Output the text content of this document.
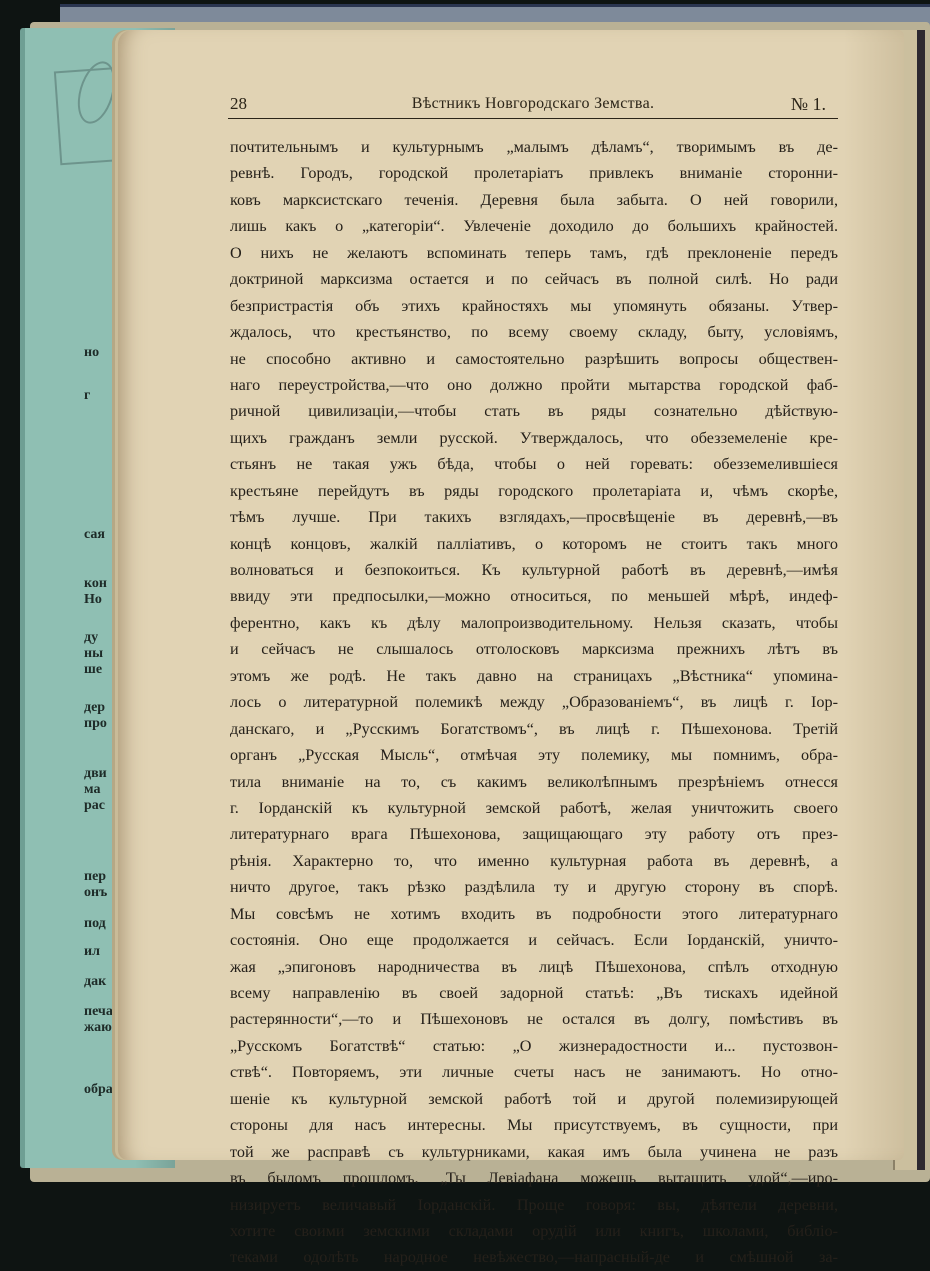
но
г
сая
кон
Но
ду
ны
ше
дер
про
дви
ма
рас
пер
онъ
под
ил
дак
печа
жаю
обра
28	Вѣстникъ Новгородскаго Земства.	№ 1.
почтительнымъ и культурнымъ „малымъ дѣламъ“, творимымъ въ де-
ревнѣ. Городъ, городской пролетаріатъ привлекъ вниманіе сторонни-
ковъ марксистскаго теченія. Деревня была забыта. О ней говорили,
лишь какъ о „категоріи“. Увлеченіе доходило до большихъ крайностей.
О нихъ не желаютъ вспоминать теперь тамъ, гдѣ преклоненіе передъ
доктриной марксизма остается и по сейчасъ въ полной силѣ. Но ради
безпристрастія объ этихъ крайностяхъ мы упомянуть обязаны. Утвер-
ждалось, что крестьянство, по всему своему складу, быту, условіямъ,
не способно активно и самостоятельно разрѣшить вопросы обществен-
наго переустройства,—что оно должно пройти мытарства городской фаб-
ричной цивилизаціи,—чтобы стать въ ряды сознательно дѣйствую-
щихъ гражданъ земли русской. Утверждалось, что обезземеленіе кре-
стьянъ не такая ужъ бѣда, чтобы о ней горевать: обезземелившіеся
крестьяне перейдутъ въ ряды городского пролетаріата и, чѣмъ скорѣе,
тѣмъ лучше. При такихъ взглядахъ,—просвѣщеніе въ деревнѣ,—въ
концѣ концовъ, жалкій палліативъ, о которомъ не стоитъ такъ много
волноваться и безпокоиться. Къ культурной работѣ въ деревнѣ,—имѣя
ввиду эти предпосылки,—можно относиться, по меньшей мѣрѣ, индеф-
ферентно, какъ къ дѣлу малопроизводительному. Нельзя сказать, чтобы
и сейчасъ не слышалось отголосковъ марксизма прежнихъ лѣтъ въ
этомъ же родѣ. Не такъ давно на страницахъ „Вѣстника“ упомина-
лось о литературной полемикѣ между „Образованіемъ“, въ лицѣ г. Іор-
данскаго, и „Русскимъ Богатствомъ“, въ лицѣ г. Пѣшехонова. Третій
органъ „Русская Мысль“, отмѣчая эту полемику, мы помнимъ, обра-
тила вниманіе на то, съ какимъ великолѣпнымъ презрѣніемъ отнесся
г. Іорданскій къ культурной земской работѣ, желая уничтожить своего
литературнаго врага Пѣшехонова, защищающаго эту работу отъ през-
рѣнія. Характерно то, что именно культурная работа въ деревнѣ, а
ничто другое, такъ рѣзко раздѣлила ту и другую сторону въ спорѣ.
Мы совсѣмъ не хотимъ входить въ подробности этого литературнаго
состоянія. Оно еще продолжается и сейчасъ. Если Іорданскій, уничто-
жая „эпигоновъ народничества въ лицѣ Пѣшехонова, спѣлъ отходную
всему направленію въ своей задорной статьѣ: „Въ тискахъ идейной
растерянности“,—то и Пѣшехоновъ не остался въ долгу, помѣстивъ въ
„Русскомъ Богатствѣ“ статью: „О жизнерадостности и... пустозвон-
ствѣ“. Повторяемъ, эти личные счеты насъ не занимаютъ. Но отно-
шеніе къ культурной земской работѣ той и другой полемизирующей
стороны для насъ интересны. Мы присутствуемъ, въ сущности, при
той же расправѣ съ культурниками, какая имъ была учинена не разъ
въ быломъ прошломъ. „Ты Левіафана можешь вытащить удой“,—иро-
низируетъ величавый Іорданскій. Проще говоря: вы, дѣятели деревни,
хотите своими земскими складами орудій или книгъ, школами, библіо-
теками одолѣть народное невѣжество,—напрасный-де и смѣшной за-
